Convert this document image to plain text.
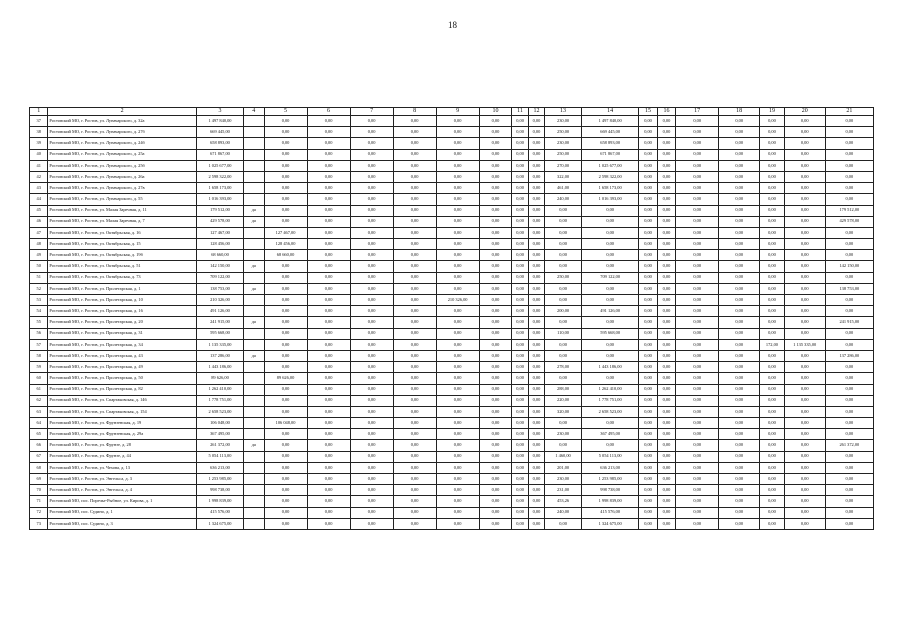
18
1	2	3	4	5	6	7	8	9	10	11	12	13	14	15	16	17	18	19	20	21
37	Ростовский МО, г. Ростов, ул. Луначарского, д. 32а	1 497 840,00		0,00	0,00	0,00	0,00	0,00	0,00	0,00	0,00	230,00	1 497 840,00	0,00	0,00	0,00	0,00	0,00	0,00	0,00
38	Ростовский МО, г. Ростов, ул. Луначарского, д. 27б	669 445,00		0,00	0,00	0,00	0,00	0,00	0,00	0,00	0,00	250,00	669 445,00	0,00	0,00	0,00	0,00	0,00	0,00	0,00
39	Ростовский МО, г. Ростов, ул. Луначарского, д. 24б	658 893,00		0,00	0,00	0,00	0,00	0,00	0,00	0,00	0,00	230,00	658 893,00	0,00	0,00	0,00	0,00	0,00	0,00	0,00
40	Ростовский МО, г. Ростов, ул. Луначарского, д. 25а	671 867,00		0,00	0,00	0,00	0,00	0,00	0,00	0,00	0,00	250,00	671 867,00	0,00	0,00	0,00	0,00	0,00	0,00	0,00
41	Ростовский МО, г. Ростов, ул. Луначарского, д. 25б	1 025 677,00		0,00	0,00	0,00	0,00	0,00	0,00	0,00	0,00	270,00	1 025 677,00	0,00	0,00	0,00	0,00	0,00	0,00	0,00
42	Ростовский МО, г. Ростов, ул. Луначарского, д. 26а	2 598 322,00		0,00	0,00	0,00	0,00	0,00	0,00	0,00	0,00	322,00	2 598 322,00	0,00	0,00	0,00	0,00	0,00	0,00	0,00
43	Ростовский МО, г. Ростов, ул. Луначарского, д. 27в	1 658 173,00		0,00	0,00	0,00	0,00	0,00	0,00	0,00	0,00	461,00	1 658 173,00	0,00	0,00	0,00	0,00	0,00	0,00	0,00
44	Ростовский МО, г. Ростов, ул. Луначарского, д. 55	1 016 393,00		0,00	0,00	0,00	0,00	0,00	0,00	0,00	0,00	240,00	1 016 393,00	0,00	0,00	0,00	0,00	0,00	0,00	0,00
45	Ростовский МО, г. Ростов, ул. Малая Заречная, д. 11	179 512,00	да	0,00	0,00	0,00	0,00	0,00	0,00	0,00	0,00	0,00	0,00	0,00	0,00	0,00	0,00	0,00	0,00	179 512,00
46	Ростовский МО, г. Ростов, ул. Малая Заречная, д. 7	429 578,00	да	0,00	0,00	0,00	0,00	0,00	0,00	0,00	0,00	0,00	0,00	0,00	0,00	0,00	0,00	0,00	0,00	429 578,00
47	Ростовский МО, г. Ростов, ул. Октябрьская, д. 16	127 467,00		127 467,00	0,00	0,00	0,00	0,00	0,00	0,00	0,00	0,00	0,00	0,00	0,00	0,00	0,00	0,00	0,00	0,00
48	Ростовский МО, г. Ростов, ул. Октябрьская, д. 15	128 456,00		128 456,00	0,00	0,00	0,00	0,00	0,00	0,00	0,00	0,00	0,00	0,00	0,00	0,00	0,00	0,00	0,00	0,00
49	Ростовский МО, г. Ростов, ул. Октябрьская, д. 19б	68 660,00		68 660,00	0,00	0,00	0,00	0,00	0,00	0,00	0,00	0,00	0,00	0,00	0,00	0,00	0,00	0,00	0,00	0,00
50	Ростовский МО, г. Ростов, ул. Октябрьская, д. 51	142 150,00	да	0,00	0,00	0,00	0,00	0,00	0,00	0,00	0,00	0,00	0,00	0,00	0,00	0,00	0,00	0,00	0,00	142 150,00
51	Ростовский МО, г. Ростов, ул. Октябрьская, д. 73	709 122,00		0,00	0,00	0,00	0,00	0,00	0,00	0,00	0,00	250,00	709 122,00	0,00	0,00	0,00	0,00	0,00	0,00	0,00
52	Ростовский МО, г. Ростов, ул. Пролетарская, д. 1	138 753,00	да	0,00	0,00	0,00	0,00	0,00	0,00	0,00	0,00	0,00	0,00	0,00	0,00	0,00	0,00	0,00	0,00	138 753,00
53	Ростовский МО, г. Ростов, ул. Пролетарская, д. 10	210 326,00		0,00	0,00	0,00	0,00	210 326,00	0,00	0,00	0,00	0,00	0,00	0,00	0,00	0,00	0,00	0,00	0,00	0,00
54	Ростовский МО, г. Ростов, ул. Пролетарская, д. 16	491 126,00		0,00	0,00	0,00	0,00	0,00	0,00	0,00	0,00	200,00	491 126,00	0,00	0,00	0,00	0,00	0,00	0,00	0,00
55	Ростовский МО, г. Ростов, ул. Пролетарская, д. 20	241 915,00	да	0,00	0,00	0,00	0,00	0,00	0,00	0,00	0,00	0,00	0,00	0,00	0,00	0,00	0,00	0,00	0,00	241 915,00
56	Ростовский МО, г. Ростов, ул. Пролетарская, д. 31	595 668,00		0,00	0,00	0,00	0,00	0,00	0,00	0,00	0,00	110,00	595 668,00	0,00	0,00	0,00	0,00	0,00	0,00	0,00
57	Ростовский МО, г. Ростов, ул. Пролетарская, д. 34	1 135 335,00		0,00	0,00	0,00	0,00	0,00	0,00	0,00	0,00	0,00	0,00	0,00	0,00	0,00	0,00	172,00	1 135 335,00	0,00
58	Ростовский МО, г. Ростов, ул. Пролетарская, д. 43	137 286,00	да	0,00	0,00	0,00	0,00	0,00	0,00	0,00	0,00	0,00	0,00	0,00	0,00	0,00	0,00	0,00	0,00	137 286,00
59	Ростовский МО, г. Ростов, ул. Пролетарская, д. 49	1 443 186,00		0,00	0,00	0,00	0,00	0,00	0,00	0,00	0,00	278,00	1 443 186,00	0,00	0,00	0,00	0,00	0,00	0,00	0,00
60	Ростовский МО, г. Ростов, ул. Пролетарская, д. 50	89 626,00		89 626,00	0,00	0,00	0,00	0,00	0,00	0,00	0,00	0,00	0,00	0,00	0,00	0,00	0,00	0,00	0,00	0,00
61	Ростовский МО, г. Ростов, ул. Пролетарская, д. 82	1 262 410,00		0,00	0,00	0,00	0,00	0,00	0,00	0,00	0,00	288,00	1 262 410,00	0,00	0,00	0,00	0,00	0,00	0,00	0,00
62	Ростовский МО, г. Ростов, ул. Спартаковская, д. 146	1 778 751,00		0,00	0,00	0,00	0,00	0,00	0,00	0,00	0,00	220,00	1 778 751,00	0,00	0,00	0,00	0,00	0,00	0,00	0,00
63	Ростовский МО, г. Ростов, ул. Спартаковская, д. 154	2 658 523,00		0,00	0,00	0,00	0,00	0,00	0,00	0,00	0,00	320,00	2 658 523,00	0,00	0,00	0,00	0,00	0,00	0,00	0,00
64	Ростовский МО, г. Ростов, ул. Фрунзенская, д. 19	106 048,00		106 048,00	0,00	0,00	0,00	0,00	0,00	0,00	0,00	0,00	0,00	0,00	0,00	0,00	0,00	0,00	0,00	0,00
65	Ростовский МО, г. Ростов, ул. Фрунзенская, д. 29а	367 495,00		0,00	0,00	0,00	0,00	0,00	0,00	0,00	0,00	230,00	367 495,00	0,00	0,00	0,00	0,00	0,00	0,00	0,00
66	Ростовский МО, г. Ростов, ул. Фрунзе, д. 28	261 372,00	да	0,00	0,00	0,00	0,00	0,00	0,00	0,00	0,00	0,00	0,00	0,00	0,00	0,00	0,00	0,00	0,00	261 372,00
67	Ростовский МО, г. Ростов, ул. Фрунзе, д. 44	5 054 113,00		0,00	0,00	0,00	0,00	0,00	0,00	0,00	0,00	1 460,00	5 054 113,00	0,00	0,00	0,00	0,00	0,00	0,00	0,00
68	Ростовский МО, г. Ростов, ул. Чехова, д. 13	636 213,00		0,00	0,00	0,00	0,00	0,00	0,00	0,00	0,00	201,00	636 213,00	0,00	0,00	0,00	0,00	0,00	0,00	0,00
69	Ростовский МО, г. Ростов, ул. Энгельса, д. 3	1 253 985,00		0,00	0,00	0,00	0,00	0,00	0,00	0,00	0,00	230,00	1 253 985,00	0,00	0,00	0,00	0,00	0,00	0,00	0,00
70	Ростовский МО, г. Ростов, ул. Энгельса, д. 4	998 738,00		0,00	0,00	0,00	0,00	0,00	0,00	0,00	0,00	231,00	998 738,00	0,00	0,00	0,00	0,00	0,00	0,00	0,00
71	Ростовский МО, пос. Поречье-Рыбное, ул. Кирова, д. 1	1 998 839,00		0,00	0,00	0,00	0,00	0,00	0,00	0,00	0,00	453,26	1 998 839,00	0,00	0,00	0,00	0,00	0,00	0,00	0,00
72	Ростовский МО, пос. Судино, д. 1	415 576,00		0,00	0,00	0,00	0,00	0,00	0,00	0,00	0,00	240,00	415 576,00	0,00	0,00	0,00	0,00	0,00	0,00	0,00
73	Ростовский МО, пос. Судино, д. 3	1 324 675,00		0,00	0,00	0,00	0,00	0,00	0,00	0,00	0,00	0,00	1 324 675,00	0,00	0,00	0,00	0,00	0,00	0,00	0,00
